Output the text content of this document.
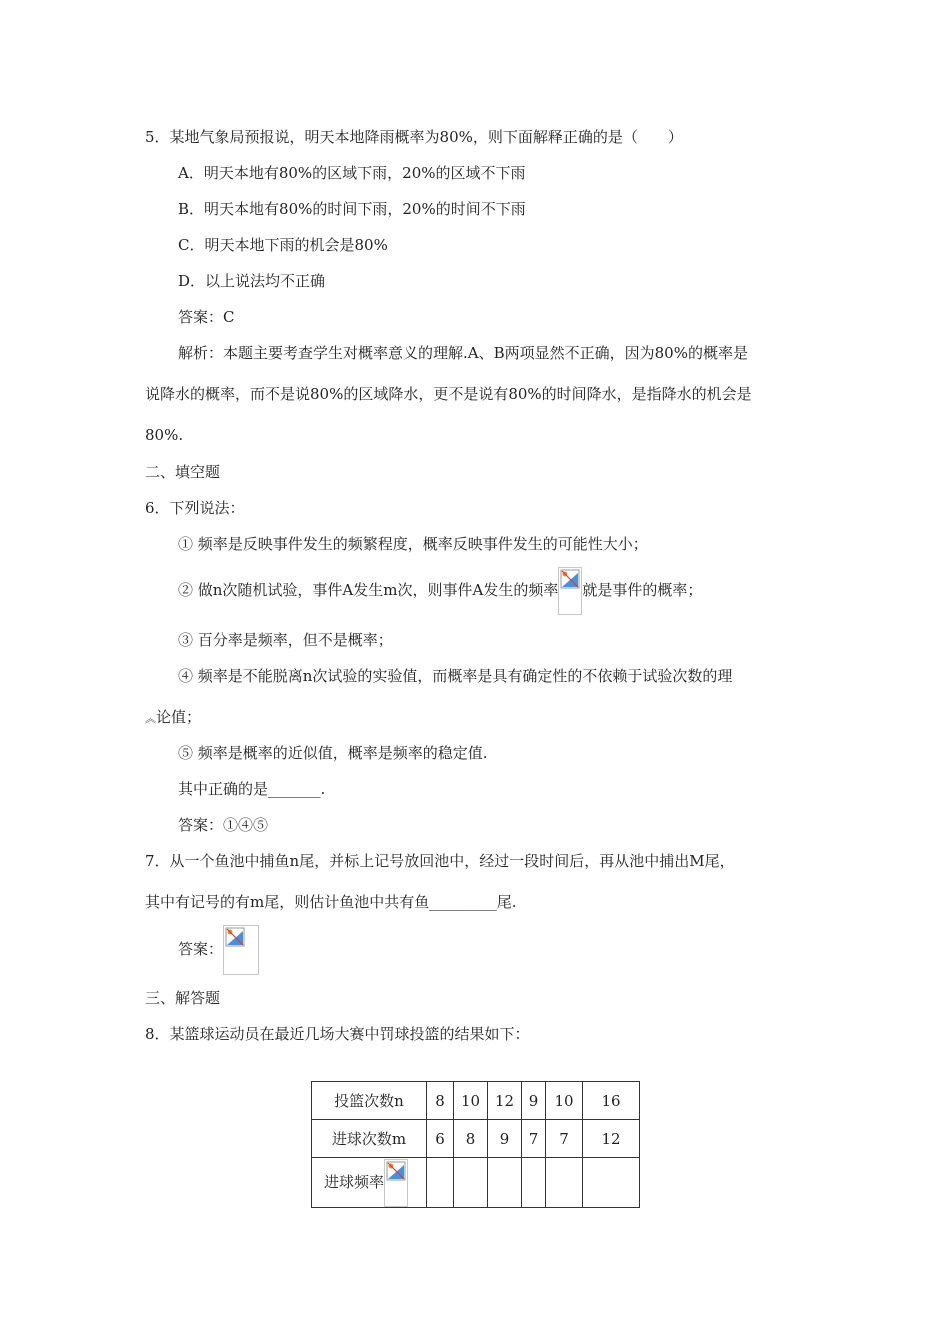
5．某地气象局预报说，明天本地降雨概率为80%，则下面解释正确的是（　　）
A．明天本地有80%的区域下雨，20%的区域不下雨
B．明天本地有80%的时间下雨，20%的时间不下雨
C．明天本地下雨的机会是80%
D．以上说法均不正确
答案：C
解析：本题主要考查学生对概率意义的理解.A、B两项显然不正确，因为80%的概率是
说降水的概率，而不是说80%的区域降水，更不是说有80%的时间降水，是指降水的机会是
80%.
二、填空题
6．下列说法：
① 频率是反映事件发生的频繁程度，概率反映事件发生的可能性大小；
② 做n次随机试验，事件A发生m次，则事件A发生的频率 就是事件的概率；
③ 百分率是频率，但不是概率；
④ 频率是不能脱离n次试验的实验值，而概率是具有确定性的不依赖于试验次数的理
︽论值；
⑤ 频率是概率的近似值，概率是频率的稳定值.
其中正确的是_______.
答案：①④⑤
7．从一个鱼池中捕鱼n尾，并标上记号放回池中，经过一段时间后，再从池中捕出M尾，
其中有记号的有m尾，则估计鱼池中共有鱼_________尾.
答案：
三、解答题
8．某篮球运动员在最近几场大赛中罚球投篮的结果如下：
投篮次数n	8	10	12	9	10	16
进球次数m	6	8	9	7	7	12
进球频率
